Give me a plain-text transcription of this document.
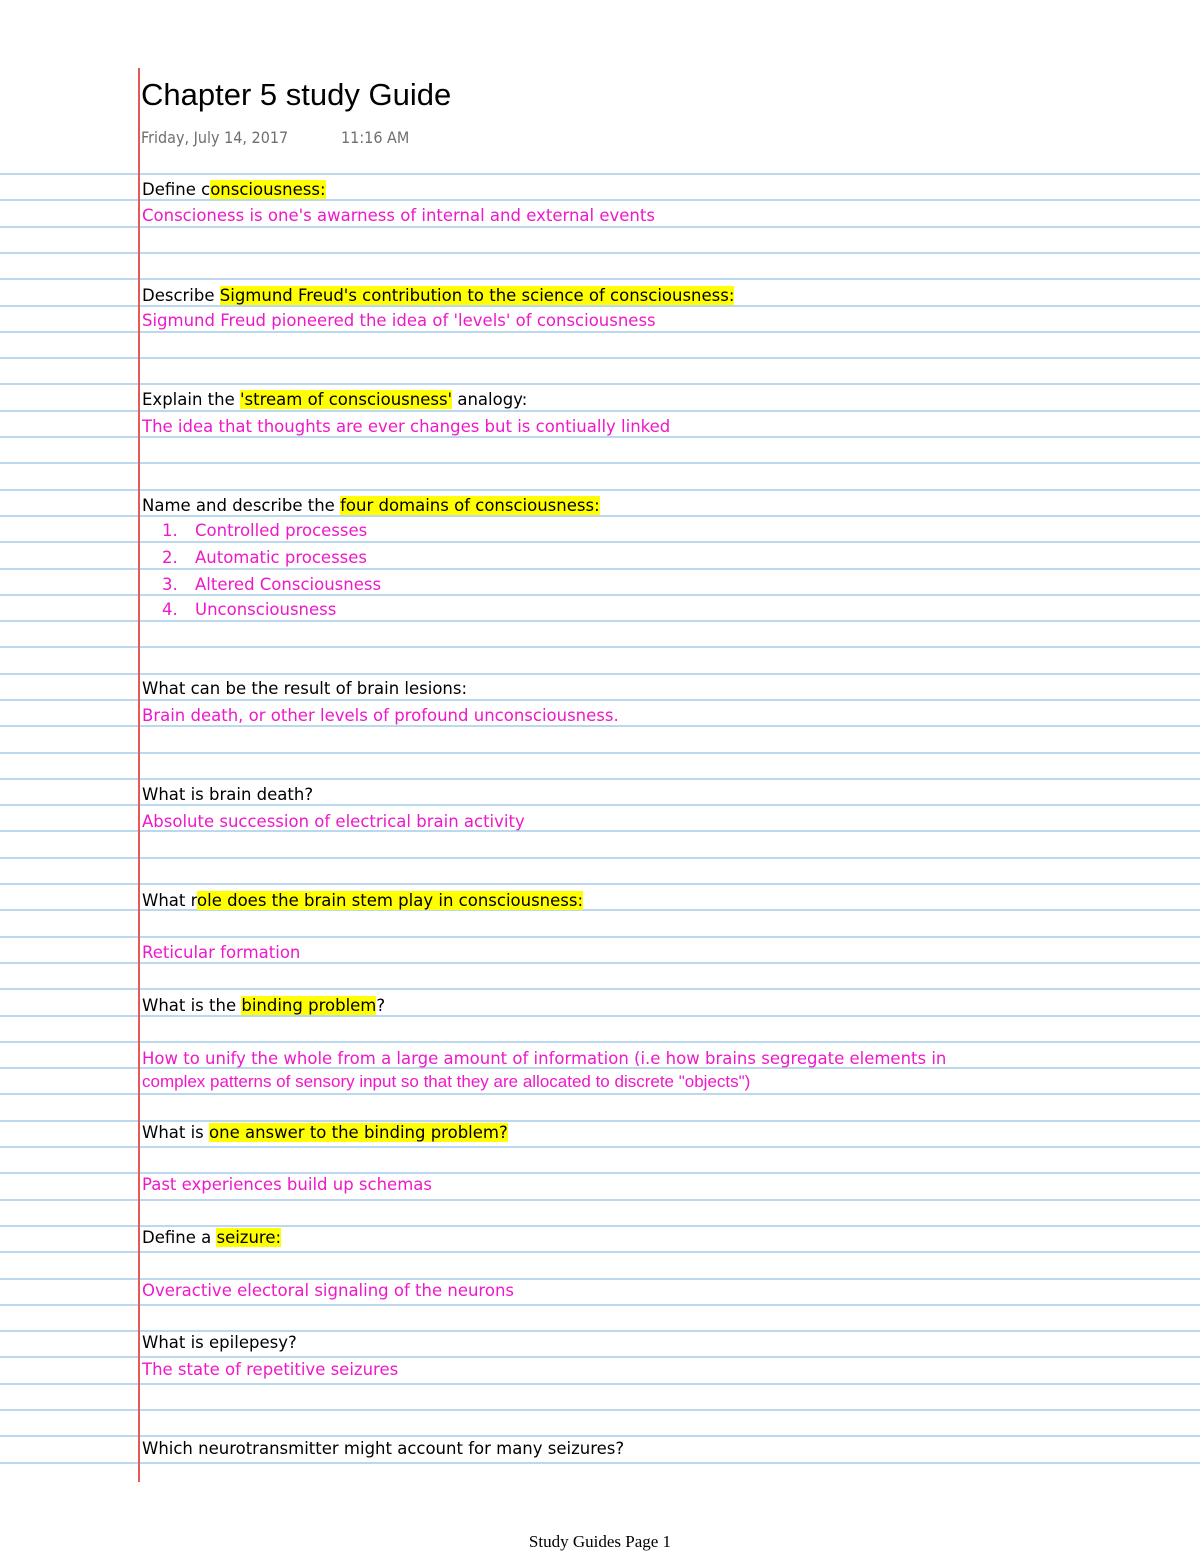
Chapter 5 study Guide
Friday, July 14, 2017	11:16 AM
Define consciousness:
Conscioness is one's awarness of internal and external events
Describe Sigmund Freud's contribution to the science of consciousness:
Sigmund Freud pioneered the idea of 'levels' of consciousness
Explain the 'stream of consciousness' analogy:
The idea that thoughts are ever changes but is contiually linked
Name and describe the four domains of consciousness:
1. Controlled processes
2. Automatic processes
3. Altered Consciousness
4. Unconsciousness
What can be the result of brain lesions:
Brain death, or other levels of profound unconsciousness.
What is brain death?
Absolute succession of electrical brain activity
What role does the brain stem play in consciousness:
Reticular formation
What is the binding problem?
How to unify the whole from a large amount of information (i.e how brains segregate elements in
complex patterns of sensory input so that they are allocated to discrete "objects")
What is one answer to the binding problem?
Past experiences build up schemas
Define a seizure:
Overactive electoral signaling of the neurons
What is epilepesy?
The state of repetitive seizures
Which neurotransmitter might account for many seizures?
Study Guides Page 1
